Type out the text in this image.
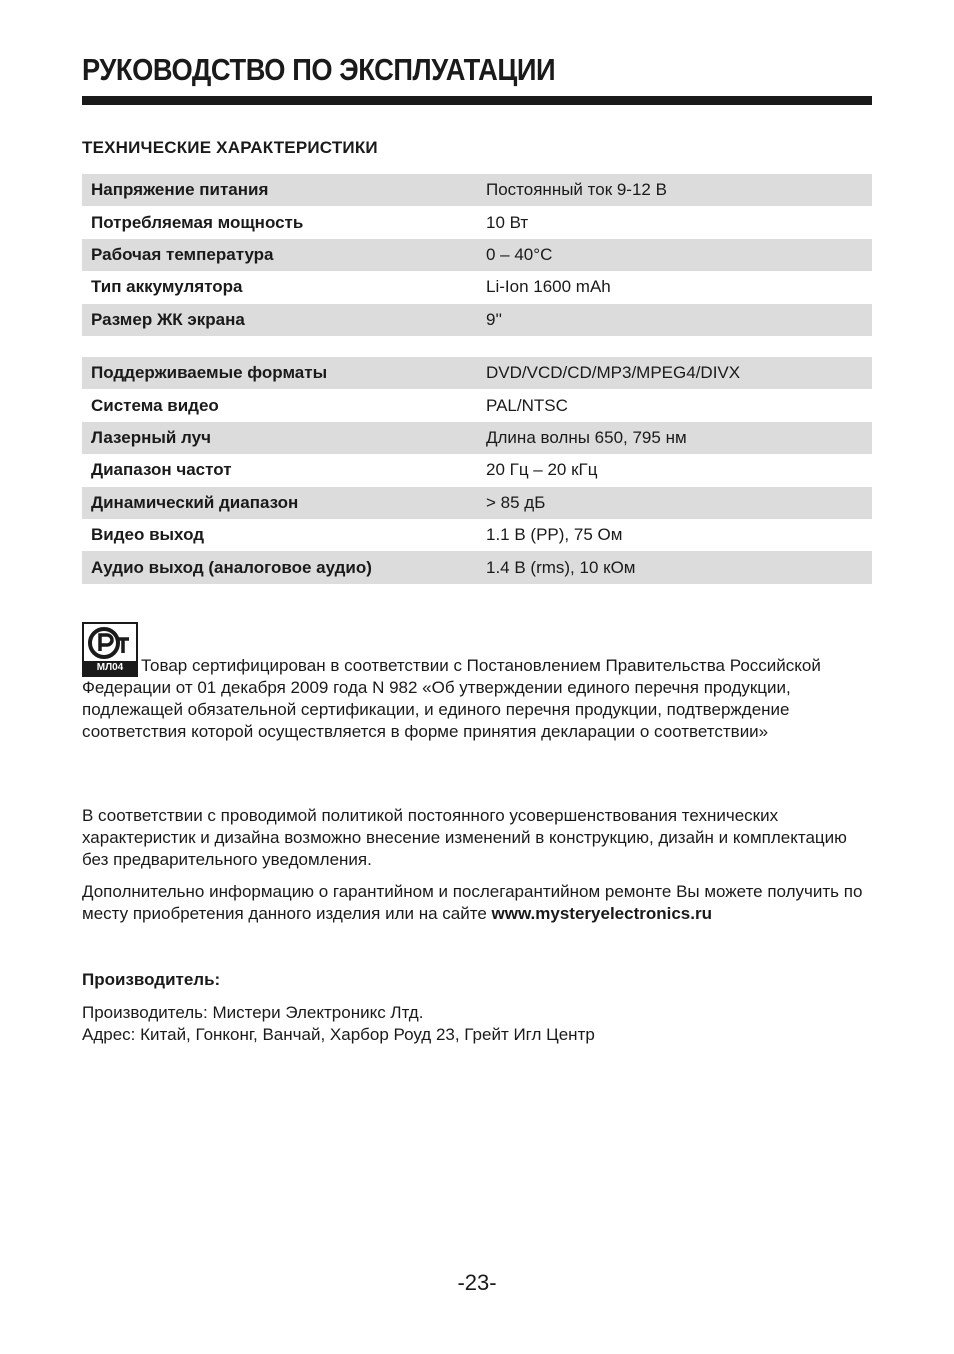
РУКОВОДСТВО ПО ЭКСПЛУАТАЦИИ
ТЕХНИЧЕСКИЕ ХАРАКТЕРИСТИКИ
Напряжение питания	Постоянный ток 9-12 В
Потребляемая мощность	10 Вт
Рабочая температура	0 – 40°С
Тип аккумулятора	Li-Ion 1600 mAh
Размер ЖК экрана	9''
Поддерживаемые форматы	DVD/VCD/CD/MP3/MPEG4/DIVX
Система видео	PAL/NTSC
Лазерный луч	Длина волны 650, 795 нм
Диапазон частот	20 Гц – 20 кГц
Динамический диапазон	> 85 дБ
Видео выход	1.1 В (PP), 75 Ом
Аудио выход (аналоговое аудио)	1.4 В (rms), 10 кОм
МЛ04	Товар сертифицирован в соответствии с Постановлением Правительства Российской Федерации от 01 декабря 2009 года N 982 «Об утверждении единого перечня продукции, подлежащей обязательной сертификации, и единого перечня продукции, подтверждение соответствия которой осуществляется в форме принятия декларации о соответствии»
В соответствии с проводимой политикой постоянного усовершенствования технических характеристик и дизайна возможно внесение изменений в конструкцию, дизайн и комплектацию без предварительного уведомления.
Дополнительно информацию о гарантийном и послегарантийном ремонте Вы можете получить по месту приобретения данного изделия или на сайте www.mysteryelectronics.ru
Производитель:
Производитель: Мистери Электроникс Лтд.
Адрес: Китай, Гонконг, Ванчай, Харбор Роуд 23, Грейт Игл Центр
-23-
